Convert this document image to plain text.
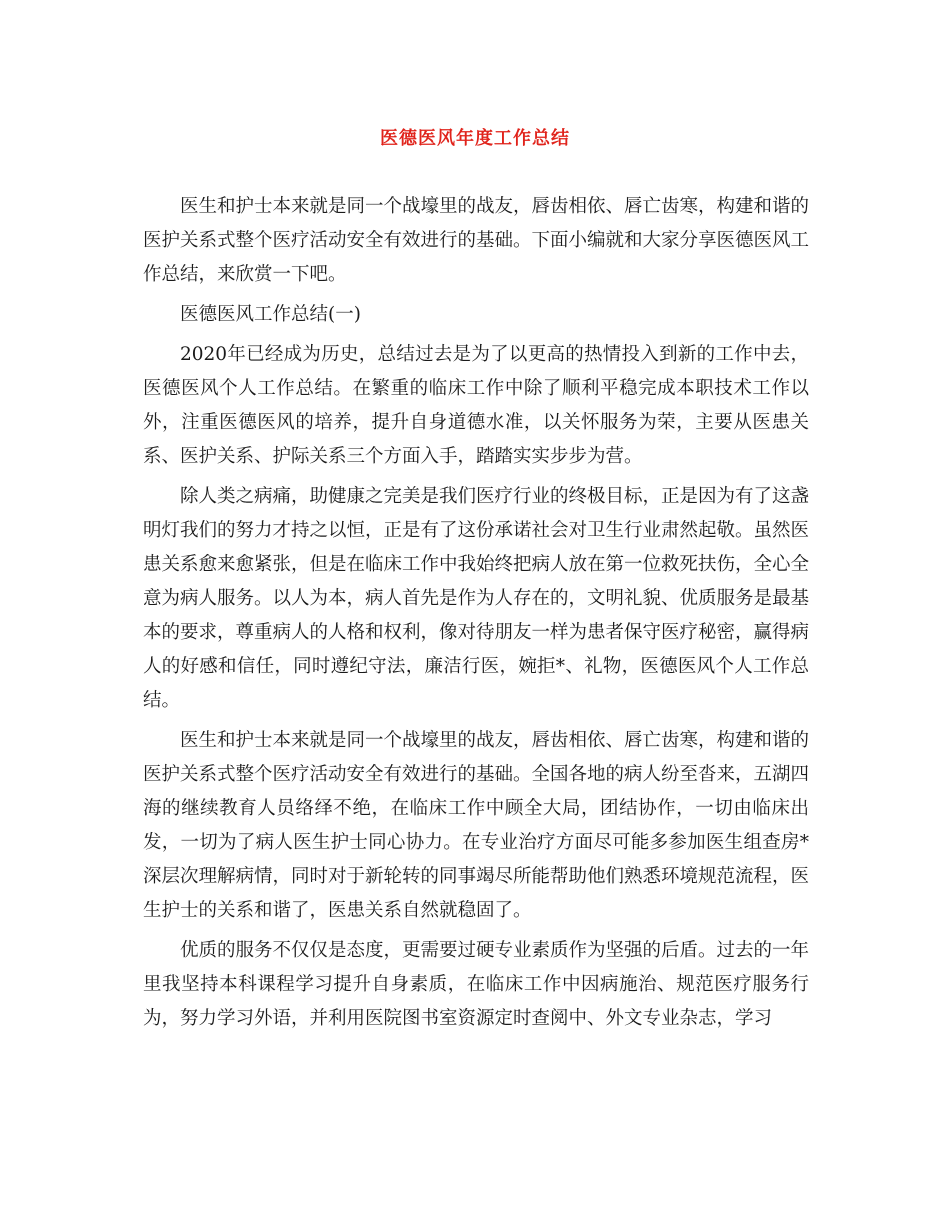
医德医风年度工作总结

医生和护士本来就是同一个战壕里的战友，唇齿相依、唇亡齿寒，构建和谐的医护关系式整个医疗活动安全有效进行的基础。下面小编就和大家分享医德医风工作总结，来欣赏一下吧。

医德医风工作总结(一)

2020年已经成为历史，总结过去是为了以更高的热情投入到新的工作中去，医德医风个人工作总结。在繁重的临床工作中除了顺利平稳完成本职技术工作以外，注重医德医风的培养，提升自身道德水准，以关怀服务为荣，主要从医患关系、医护关系、护际关系三个方面入手，踏踏实实步步为营。

除人类之病痛，助健康之完美是我们医疗行业的终极目标，正是因为有了这盏明灯我们的努力才持之以恒，正是有了这份承诺社会对卫生行业肃然起敬。虽然医患关系愈来愈紧张，但是在临床工作中我始终把病人放在第一位救死扶伤，全心全意为病人服务。以人为本，病人首先是作为人存在的，文明礼貌、优质服务是最基本的要求，尊重病人的人格和权利，像对待朋友一样为患者保守医疗秘密，赢得病人的好感和信任，同时遵纪守法，廉洁行医，婉拒*、礼物，医德医风个人工作总结。

医生和护士本来就是同一个战壕里的战友，唇齿相依、唇亡齿寒，构建和谐的医护关系式整个医疗活动安全有效进行的基础。全国各地的病人纷至沓来，五湖四海的继续教育人员络绎不绝，在临床工作中顾全大局，团结协作，一切由临床出发，一切为了病人医生护士同心协力。在专业治疗方面尽可能多参加医生组查房*深层次理解病情，同时对于新轮转的同事竭尽所能帮助他们熟悉环境规范流程，医生护士的关系和谐了，医患关系自然就稳固了。

优质的服务不仅仅是态度，更需要过硬专业素质作为坚强的后盾。过去的一年里我坚持本科课程学习提升自身素质，在临床工作中因病施治、规范医疗服务行为，努力学习外语，并利用医院图书室资源定时查阅中、外文专业杂志，学习
